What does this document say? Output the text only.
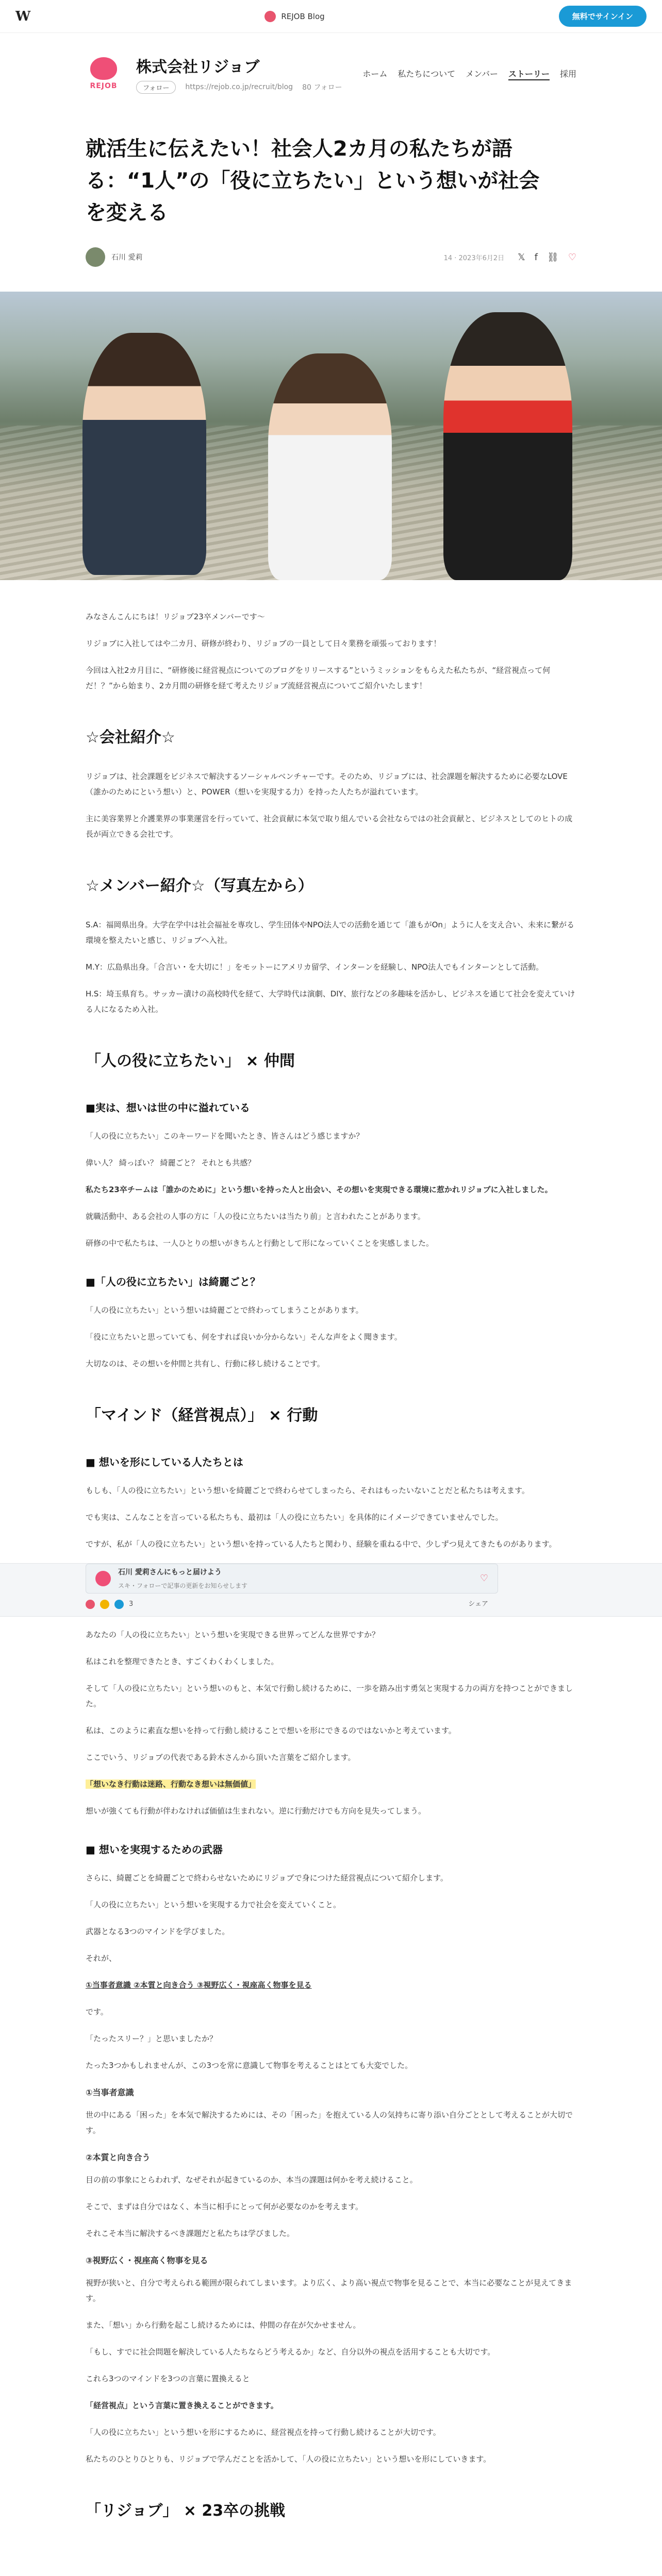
W	REJOB Blog	無料でサインイン
REJOB
株式会社リジョブ
フォロー	https://rejob.co.jp/recruit/blog 80 フォロー
ホーム 私たちについて メンバー ストーリー 採用
就活生に伝えたい！社会人2カ月の私たちが語る：“1人”の「役に立ちたい」という想いが社会を変える
石川 愛莉	14 · 2023年6月2日 𝕏 f ⛓ ♡

みなさんこんにちは！リジョブ23卒メンバーです〜

リジョブに入社してはや二カ月、研修が終わり、リジョブの一員として日々業務を頑張っております！

今回は入社2カ月目に、“研修後に経営視点についてのブログをリリースする”というミッションをもらえた私たちが、“経営視点って何だ！？”から始まり、2カ月間の研修を経て考えたリジョブ流経営視点についてご紹介いたします！

☆会社紹介☆

リジョブは、社会課題をビジネスで解決するソーシャルベンチャーです。そのため、リジョブには、社会課題を解決するために必要なLOVE（誰かのためにという想い）と、POWER（想いを実現する力）を持った人たちが溢れています。

主に美容業界と介護業界の事業運営を行っていて、社会貢献に本気で取り組んでいる会社ならではの社会貢献と、ビジネスとしてのヒトの成長が両立できる会社です。

☆メンバー紹介☆（写真左から）

S.A：福岡県出身。大学在学中は社会福祉を専攻し、学生団体やNPO法人での活動を通じて「誰もがOn」ように人を支え合い、未来に繋がる環境を整えたいと感じ、リジョブへ入社。

M.Y：広島県出身。「合言い・を大切に！」をモットーにアメリカ留学、インターンを経験し、NPO法人でもインターンとして活動。

H.S：埼玉県育ち。サッカー漬けの高校時代を経て、大学時代は演劇、DIY、旅行などの多趣味を活かし、ビジネスを通じて社会を変えていける人になるため入社。

「人の役に立ちたい」 × 仲間
■実は、想いは世の中に溢れている

「人の役に立ちたい」このキーワードを聞いたとき、皆さんはどう感じますか？

偉い人？ 綺っぽい？ 綺麗ごと？ それとも共感？

私たち23卒チームは「誰かのために」という想いを持った人と出会い、その想いを実現できる環境に惹かれリジョブに入社しました。

就職活動中、ある会社の人事の方に「人の役に立ちたいは当たり前」と言われたことがあります。

研修の中で私たちは、一人ひとりの想いがきちんと行動として形になっていくことを実感しました。

■「人の役に立ちたい」は綺麗ごと？

「人の役に立ちたい」という想いは綺麗ごとで終わってしまうことがあります。

「役に立ちたいと思っていても、何をすれば良いか分からない」そんな声をよく聞きます。

大切なのは、その想いを仲間と共有し、行動に移し続けることです。

「マインド（経営視点）」 × 行動
■ 想いを形にしている人たちとは

もしも、「人の役に立ちたい」という想いを綺麗ごとで終わらせてしまったら、それはもったいないことだと私たちは考えます。

でも実は、こんなことを言っている私たちも、最初は「人の役に立ちたい」を具体的にイメージできていませんでした。

ですが、私が「人の役に立ちたい」という想いを持っている人たちと関わり、経験を重ねる中で、少しずつ見えてきたものがあります。

石川 愛莉さんにもっと届けよう
スキ・フォローで記事の更新をお知らせします
♡
3	シェア

あなたの「人の役に立ちたい」という想いを実現できる世界ってどんな世界ですか？

私はこれを整理できたとき、すごくわくわくしました。

そして「人の役に立ちたい」という想いのもと、本気で行動し続けるために、一歩を踏み出す勇気と実現する力の両方を持つことができました。

私は、このように素直な想いを持って行動し続けることで想いを形にできるのではないかと考えています。

ここでいう、リジョブの代表である鈴木さんから頂いた言葉をご紹介します。

「想いなき行動は迷路、行動なき想いは無価値」

想いが強くても行動が伴わなければ価値は生まれない。逆に行動だけでも方向を見失ってしまう。

■ 想いを実現するための武器

さらに、綺麗ごとを綺麗ごとで終わらせないためにリジョブで身につけた経営視点について紹介します。

「人の役に立ちたい」という想いを実現する力で社会を変えていくこと。

武器となる3つのマインドを学びました。

それが、

①当事者意識 ②本質と向き合う ③視野広く・視座高く物事を見る

です。

「たったスリー？」と思いましたか？

たった3つかもしれませんが、この3つを常に意識して物事を考えることはとても大変でした。

①当事者意識

世の中にある「困った」を本気で解決するためには、その「困った」を抱えている人の気持ちに寄り添い自分ごととして考えることが大切です。

②本質と向き合う

目の前の事象にとらわれず、なぜそれが起きているのか、本当の課題は何かを考え続けること。

そこで、まずは自分ではなく、本当に相手にとって何が必要なのかを考えます。

それこそ本当に解決するべき課題だと私たちは学びました。

③視野広く・視座高く物事を見る

視野が狭いと、自分で考えられる範囲が限られてしまいます。より広く、より高い視点で物事を見ることで、本当に必要なことが見えてきます。

また、「想い」から行動を起こし続けるためには、仲間の存在が欠かせません。

「もし、すでに社会問題を解決している人たちならどう考えるか」など、自分以外の視点を活用することも大切です。

これら3つのマインドを3つの言葉に置換えると

「経営視点」という言葉に置き換えることができます。

「人の役に立ちたい」という想いを形にするために、経営視点を持って行動し続けることが大切です。

私たちのひとりひとりも、リジョブで学んだことを活かして、「人の役に立ちたい」という想いを形にしていきます。

「リジョブ」 × 23卒の挑戦
